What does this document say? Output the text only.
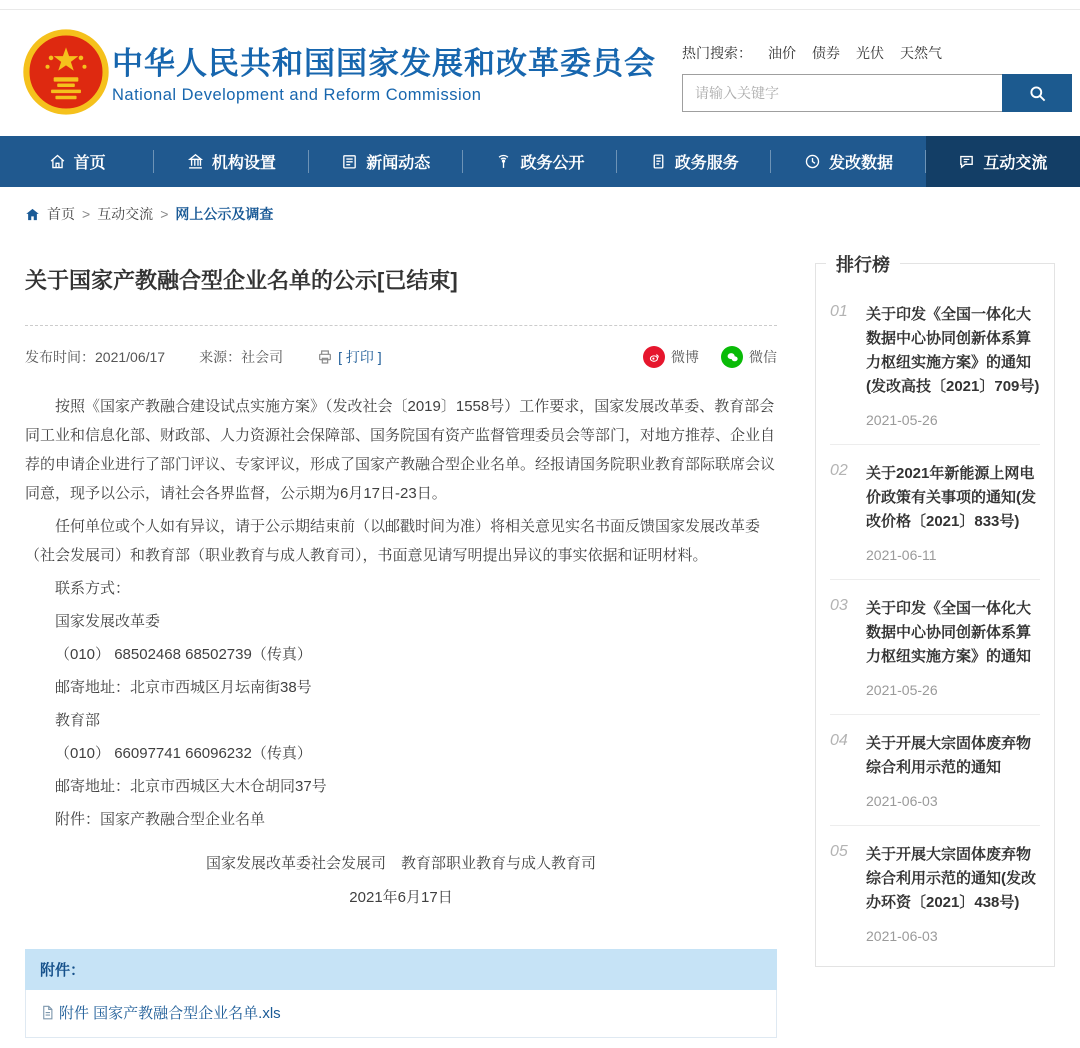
中华人民共和国国家发展和改革委员会
National Development and Reform Commission
热门搜索： 油价 债券 光伏 天然气
请输入关键字
首页	机构设置	新闻动态	政务公开	政务服务	发改数据	互动交流
首页 > 互动交流 > 网上公示及调查
关于国家产教融合型企业名单的公示[已结束]
发布时间：2021/06/17 来源：社会司	[ 打印 ]	微博	微信

按照《国家产教融合建设试点实施方案》（发改社会〔2019〕1558号）工作要求，国家发展改革委、教育部会同工业和信息化部、财政部、人力资源社会保障部、国务院国有资产监督管理委员会等部门，对地方推荐、企业自荐的申请企业进行了部门评议、专家评议，形成了国家产教融合型企业名单。经报请国务院职业教育部际联席会议同意，现予以公示，请社会各界监督，公示期为6月17日-23日。

任何单位或个人如有异议，请于公示期结束前（以邮戳时间为准）将相关意见实名书面反馈国家发展改革委（社会发展司）和教育部（职业教育与成人教育司），书面意见请写明提出异议的事实依据和证明材料。

联系方式：

国家发展改革委

（010） 68502468 68502739（传真）

邮寄地址：北京市西城区月坛南街38号

教育部

（010） 66097741 66096232（传真）

邮寄地址：北京市西城区大木仓胡同37号

附件：国家产教融合型企业名单

国家发展改革委社会发展司　教育部职业教育与成人教育司
2021年6月17日
附件：
附件 国家产教融合型企业名单.xls
排行榜
01	关于印发《全国一体化大数据中心协同创新体系算力枢纽实施方案》的通知(发改高技〔2021〕709号)
2021-05-26
02	关于2021年新能源上网电价政策有关事项的通知(发改价格〔2021〕833号)
2021-06-11
03	关于印发《全国一体化大数据中心协同创新体系算力枢纽实施方案》的通知
2021-05-26
04	关于开展大宗固体废弃物综合利用示范的通知
2021-06-03
05	关于开展大宗固体废弃物综合利用示范的通知(发改办环资〔2021〕438号)
2021-06-03
